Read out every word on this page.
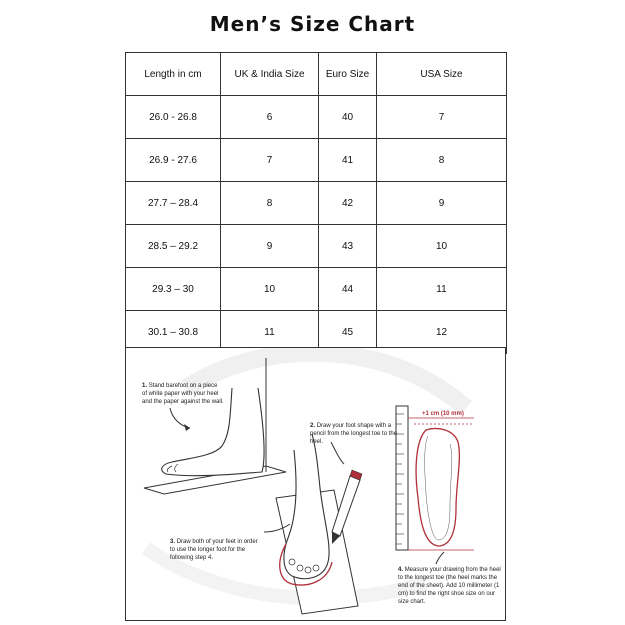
Men’s Size Chart
Length in cm	UK & India Size	Euro Size	USA Size
26.0 - 26.8	6	40	7
26.9 - 27.6	7	41	8
27.7 – 28.4	8	42	9
28.5 – 29.2	9	43	10
29.3 – 30	10	44	11
30.1 – 30.8	11	45	12
1. Stand barefoot on a piece of white paper with your heel and the paper against the wall.
2. Draw your foot shape with a pencil from the longest toe to the heel.
3. Draw both of your feet in order to use the longer foot for the following step 4.
4. Measure your drawing from the heel to the longest toe (the heel marks the end of the sheet). Add 10 millimeter (1 cm) to find the right shoe size on our size chart.
+1 cm (10 mm)
